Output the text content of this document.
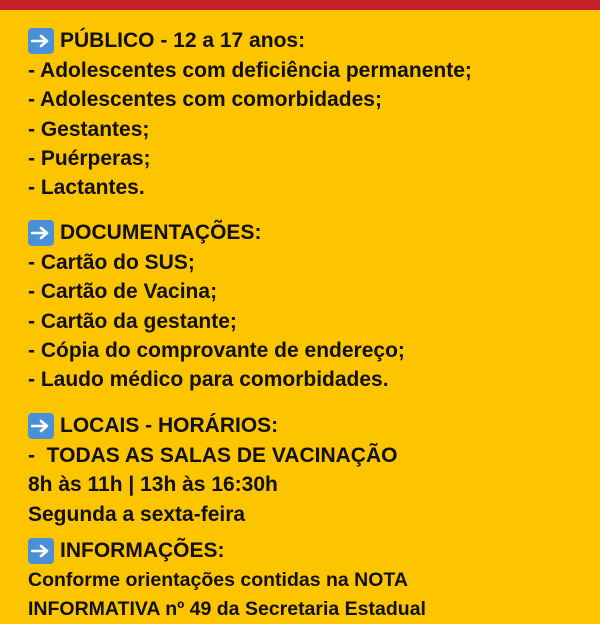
PÚBLICO - 12 a 17 anos:
- Adolescentes com deficiência permanente;
- Adolescentes com comorbidades;
- Gestantes;
- Puérperas;
- Lactantes.
DOCUMENTAÇÕES:
- Cartão do SUS;
- Cartão de Vacina;
- Cartão da gestante;
- Cópia do comprovante de endereço;
- Laudo médico para comorbidades.
LOCAIS - HORÁRIOS:
-  TODAS AS SALAS DE VACINAÇÃO
8h às 11h | 13h às 16:30h
Segunda a sexta-feira
INFORMAÇÕES:
Conforme orientações contidas na NOTA
INFORMATIVA nº 49 da Secretaria Estadual
